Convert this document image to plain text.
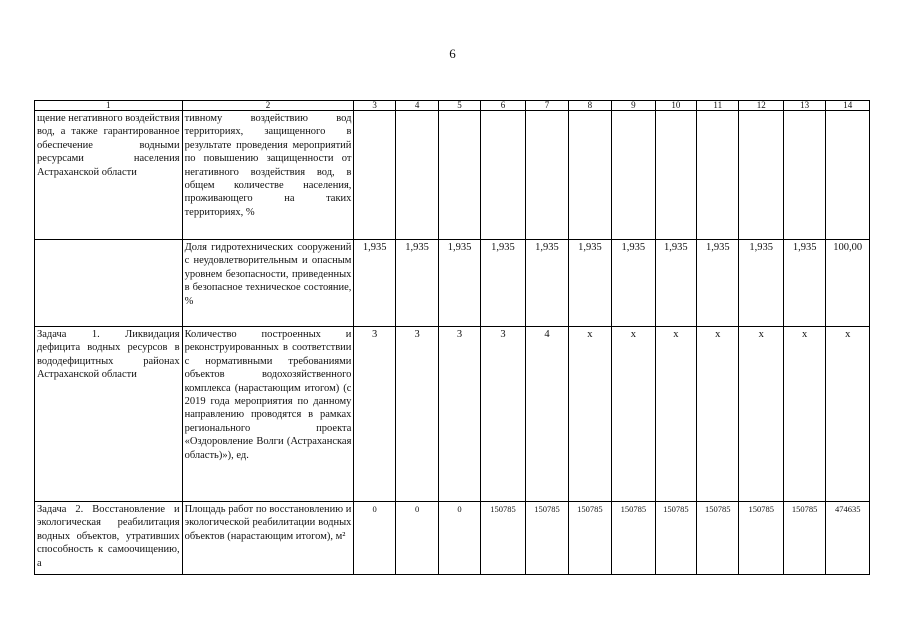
6
1	2	3	4	5	6	7	8	9	10	11	12	13	14
щение негативного воздействия вод, а также гарантированное обеспечение водными ресурсами населения Астраханской области	тивному воздействию вод территориях, защищенного в результате проведения мероприятий по повышению защищенности от негативного воздействия вод, в общем количестве населения, проживающего на таких территориях, %												
	Доля гидротехнических сооружений с неудовлетворительным и опасным уровнем безопасности, приведенных в безопасное техническое состояние, %	1,935	1,935	1,935	1,935	1,935	1,935	1,935	1,935	1,935	1,935	1,935	100,00
Задача 1. Ликвидация дефицита водных ресурсов в вододефицитных районах Астраханской области	Количество построенных и реконструированных в соответствии с нормативными требованиями объектов водохозяйственного комплекса (нарастающим итогом) (с 2019 года мероприятия по данному направлению проводятся в рамках регионального проекта «Оздоровление Волги (Астраханская область)»), ед.	3	3	3	3	4	x	x	x	x	x	x	x
Задача 2. Восстановление и экологическая реабилитация водных объектов, утративших способность к самоочищению, а	Площадь работ по восстановлению и экологической реабилитации водных объектов (нарастающим итогом), м²	0	0	0	150785	150785	150785	150785	150785	150785	150785	150785	474635
